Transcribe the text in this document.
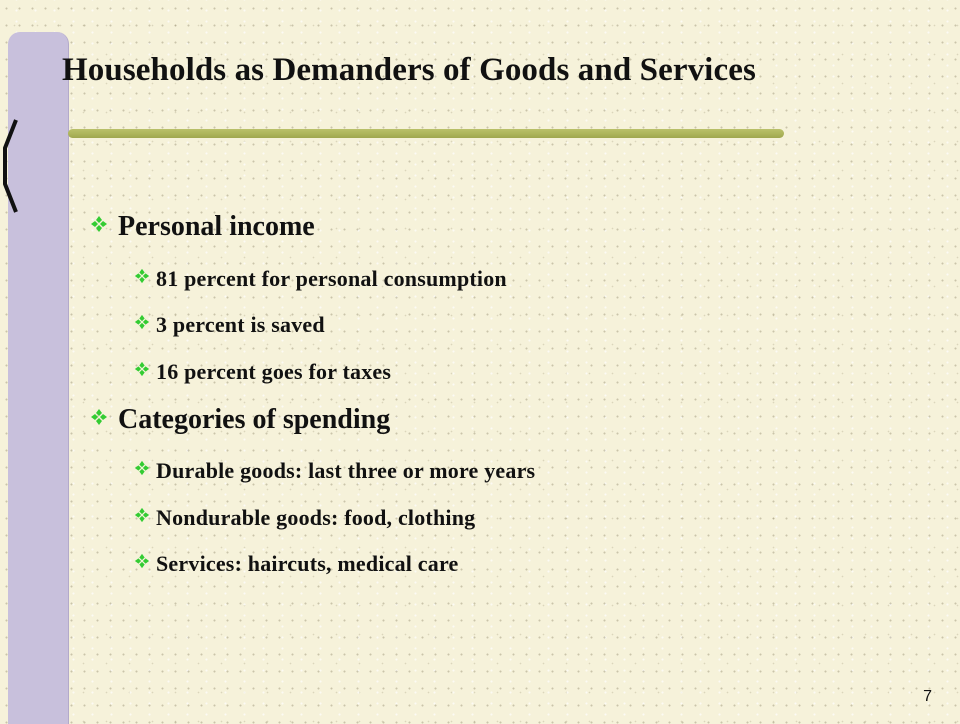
Households as Demanders of Goods and Services
Personal income
81 percent for personal consumption
3 percent is saved
16 percent goes for taxes
Categories of spending
Durable goods: last three or more years
Nondurable goods: food, clothing
Services: haircuts, medical care
7
